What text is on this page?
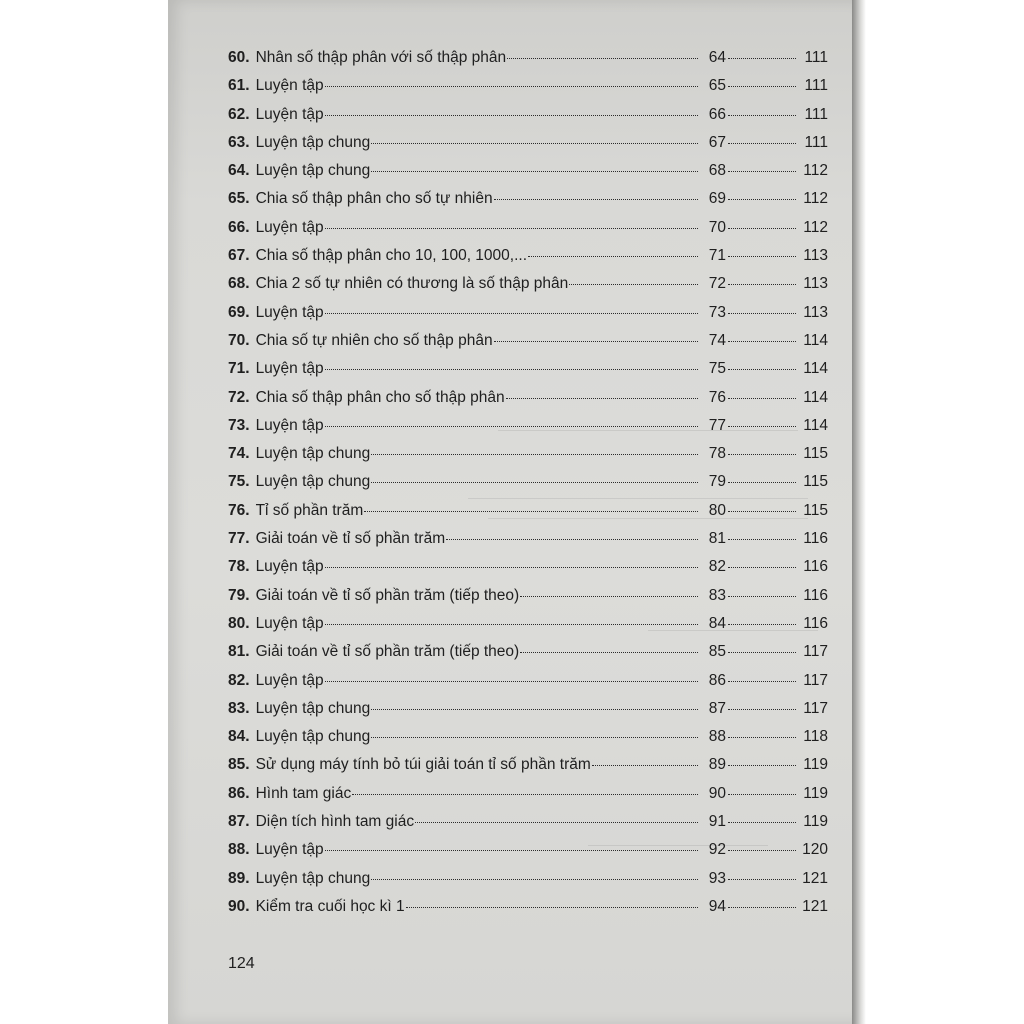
60. Nhân số thập phân với số thập phân	64	111
61. Luyện tập	65	111
62. Luyện tập	66	111
63. Luyện tập chung	67	111
64. Luyện tập chung	68	112
65. Chia số thập phân cho số tự nhiên	69	112
66. Luyện tập	70	112
67. Chia số thập phân cho 10, 100, 1000,...	71	113
68. Chia 2 số tự nhiên có thương là số thập phân	72	113
69. Luyện tập	73	113
70. Chia số tự nhiên cho số thập phân	74	114
71. Luyện tập	75	114
72. Chia số thập phân cho số thập phân	76	114
73. Luyện tập	77	114
74. Luyện tập chung	78	115
75. Luyện tập chung	79	115
76. Tỉ số phần trăm	80	115
77. Giải toán về tỉ số phần trăm	81	116
78. Luyện tập	82	116
79. Giải toán về tỉ số phần trăm (tiếp theo)	83	116
80. Luyện tập	84	116
81. Giải toán về tỉ số phần trăm (tiếp theo)	85	117
82. Luyện tập	86	117
83. Luyện tập chung	87	117
84. Luyện tập chung	88	118
85. Sử dụng máy tính bỏ túi giải toán tỉ số phần trăm	89	119
86. Hình tam giác	90	119
87. Diện tích hình tam giác	91	119
88. Luyện tập	92	120
89. Luyện tập chung	93	121
90. Kiểm tra cuối học kì 1	94	121
124
